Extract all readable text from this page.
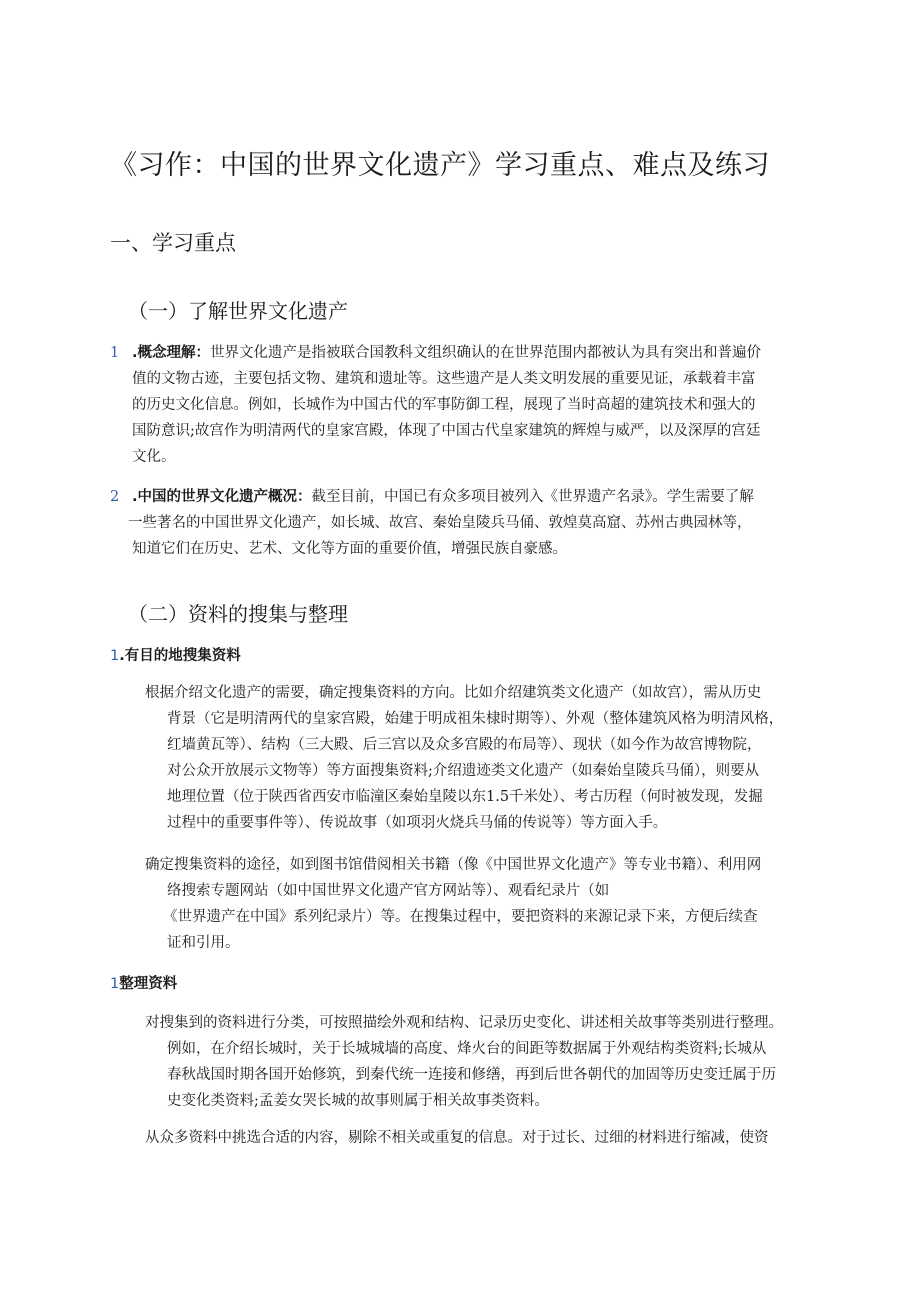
《习作：中国的世界文化遗产》学习重点、难点及练习
一、学习重点
（一）了解世界文化遗产
1 .概念理解：世界文化遗产是指被联合国教科文组织确认的在世界范围内都被认为具有突出和普遍价
值的文物古迹，主要包括文物、建筑和遗址等。这些遗产是人类文明发展的重要见证，承载着丰富
的历史文化信息。例如，长城作为中国古代的军事防御工程，展现了当时高超的建筑技术和强大的
国防意识;故宫作为明清两代的皇家宫殿，体现了中国古代皇家建筑的辉煌与威严，以及深厚的宫廷
文化。
2 .中国的世界文化遗产概况：截至目前，中国已有众多项目被列入《世界遗产名录》。学生需要了解
一些著名的中国世界文化遗产，如长城、故宫、秦始皇陵兵马俑、敦煌莫高窟、苏州古典园林等，
知道它们在历史、艺术、文化等方面的重要价值，增强民族自豪感。
（二）资料的搜集与整理
1.有目的地搜集资料
根据介绍文化遗产的需要，确定搜集资料的方向。比如介绍建筑类文化遗产（如故宫），需从历史
背景（它是明清两代的皇家宫殿，始建于明成祖朱棣时期等）、外观（整体建筑风格为明清风格，
红墙黄瓦等）、结构（三大殿、后三宫以及众多宫殿的布局等）、现状（如今作为故宫博物院，
对公众开放展示文物等）等方面搜集资料;介绍遗迹类文化遗产（如秦始皇陵兵马俑），则要从
地理位置（位于陕西省西安市临潼区秦始皇陵以东1.5千米处）、考古历程（何时被发现，发掘
过程中的重要事件等）、传说故事（如项羽火烧兵马俑的传说等）等方面入手。
确定搜集资料的途径，如到图书馆借阅相关书籍（像《中国世界文化遗产》等专业书籍）、利用网
络搜索专题网站（如中国世界文化遗产官方网站等）、观看纪录片（如
《世界遗产在中国》系列纪录片）等。在搜集过程中，要把资料的来源记录下来，方便后续查
证和引用。
1整理资料
对搜集到的资料进行分类，可按照描绘外观和结构、记录历史变化、讲述相关故事等类别进行整理。
例如，在介绍长城时，关于长城城墙的高度、烽火台的间距等数据属于外观结构类资料;长城从
春秋战国时期各国开始修筑，到秦代统一连接和修缮，再到后世各朝代的加固等历史变迁属于历
史变化类资料;孟姜女哭长城的故事则属于相关故事类资料。
从众多资料中挑选合适的内容，剔除不相关或重复的信息。对于过长、过细的材料进行缩减，使资
